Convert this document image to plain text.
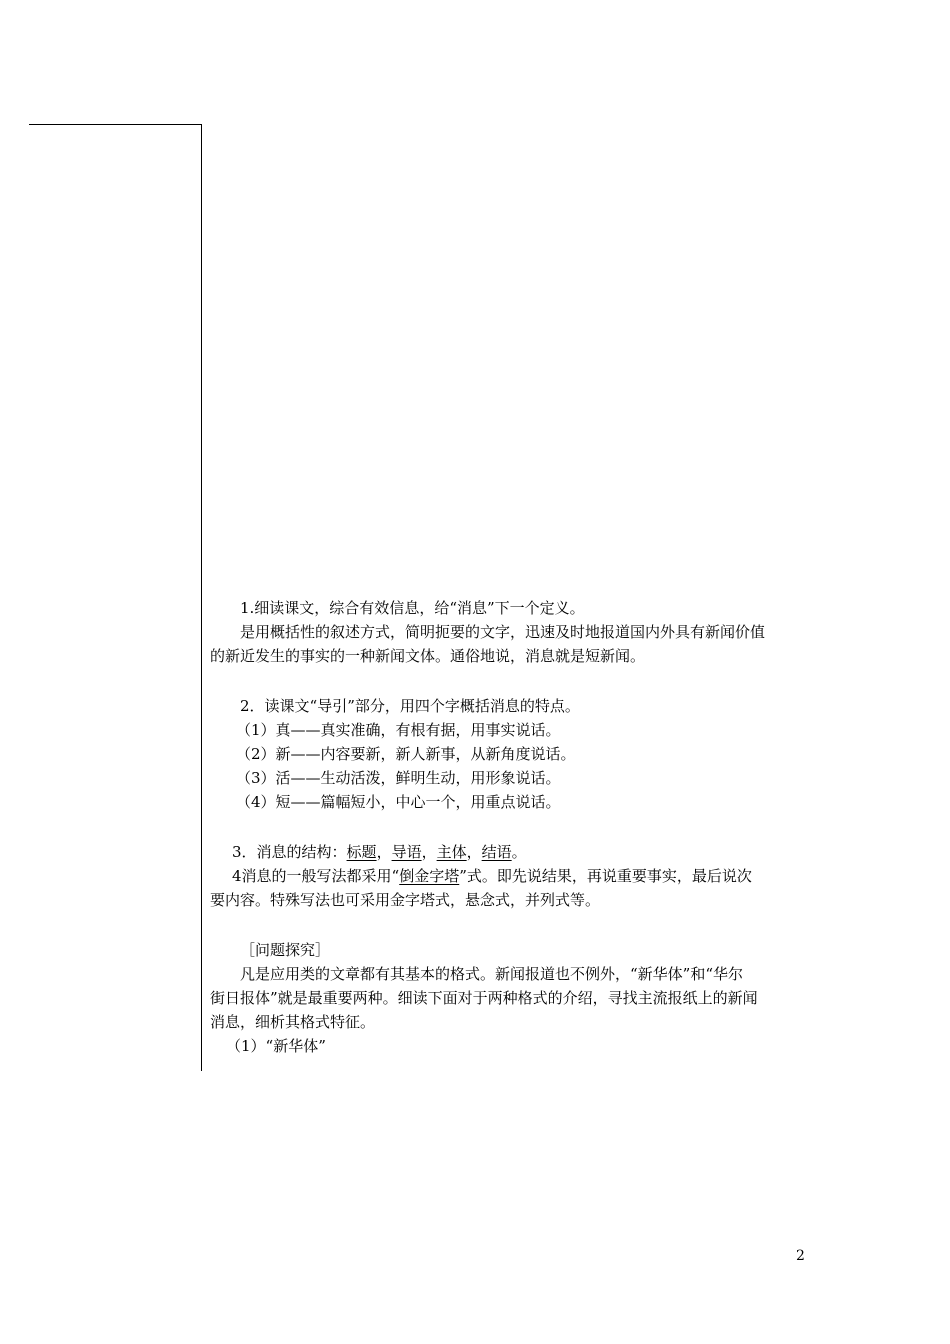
1.细读课文，综合有效信息，给“消息”下一个定义。
是用概括性的叙述方式，简明扼要的文字，迅速及时地报道国内外具有新闻价值
的新近发生的事实的一种新闻文体。通俗地说，消息就是短新闻。
2．读课文“导引”部分，用四个字概括消息的特点。
（1）真——真实准确，有根有据，用事实说话。
（2）新——内容要新，新人新事，从新角度说话。
（3）活——生动活泼，鲜明生动，用形象说话。
（4）短——篇幅短小，中心一个，用重点说话。
3．消息的结构：标题，导语，主体，结语。
4消息的一般写法都采用“倒金字塔”式。即先说结果，再说重要事实，最后说次
要内容。特殊写法也可采用金字塔式，悬念式，并列式等。
［问题探究］
凡是应用类的文章都有其基本的格式。新闻报道也不例外，“新华体”和“华尔
街日报体”就是最重要两种。细读下面对于两种格式的介绍，寻找主流报纸上的新闻
消息，细析其格式特征。
（1）“新华体”
2
